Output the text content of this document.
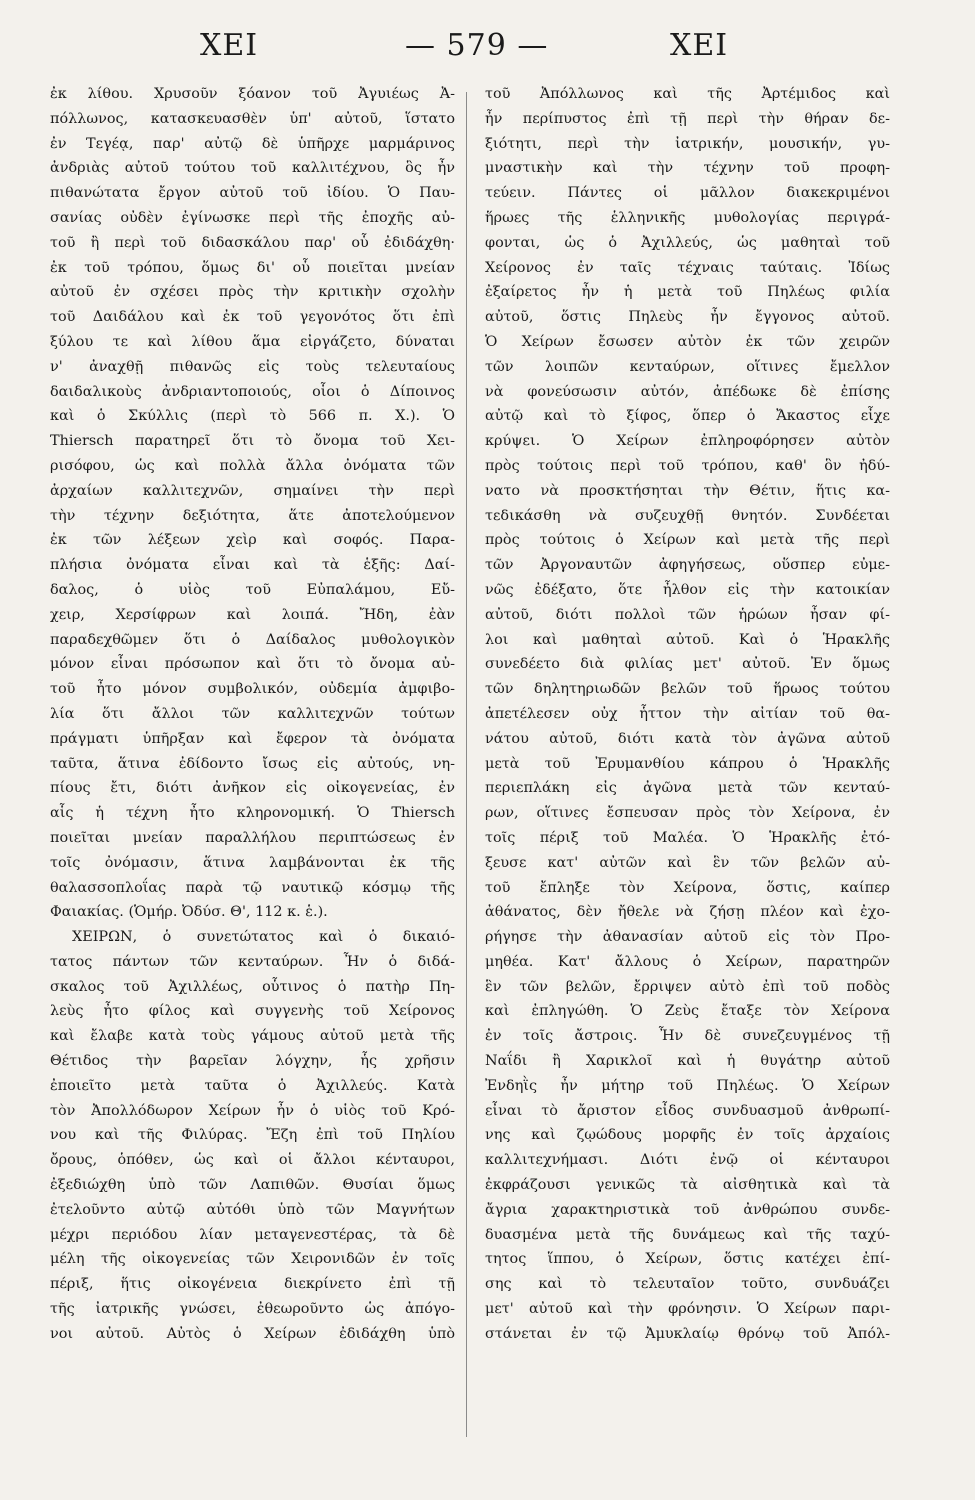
ΧΕΙ	— 579 —	ΧΕΙ
ἐκ λίθου. Χρυσοῦν ξόανον τοῦ Ἀγυιέως Ἀ-
πόλλωνος, κατασκευασθὲν ὑπ' αὐτοῦ, ἵστατο
ἐν Τεγέᾳ, παρ' αὐτῷ δὲ ὑπῆρχε μαρμάρινος
ἀνδριὰς αὐτοῦ τούτου τοῦ καλλιτέχνου, ὃς ἦν
πιθανώτατα ἔργον αὐτοῦ τοῦ ἰδίου. Ὁ Παυ-
σανίας οὐδὲν ἐγίνωσκε περὶ τῆς ἐποχῆς αὐ-
τοῦ ἢ περὶ τοῦ διδασκάλου παρ' οὗ ἐδιδάχθη·
ἐκ τοῦ τρόπου, ὅμως δι' οὗ ποιεῖται μνείαν
αὐτοῦ ἐν σχέσει πρὸς τὴν κριτικὴν σχολὴν
τοῦ Δαιδάλου καὶ ἐκ τοῦ γεγονότος ὅτι ἐπὶ
ξύλου τε καὶ λίθου ἅμα εἰργάζετο, δύναται
ν' ἀναχθῇ πιθανῶς εἰς τοὺς τελευταίους
δαιδαλικοὺς ἀνδριαντοποιούς, οἷοι ὁ Δίποινος
καὶ ὁ Σκύλλις (περὶ τὸ 566 π. Χ.). Ὁ
Thiersch παρατηρεῖ ὅτι τὸ ὄνομα τοῦ Χει-
ρισόφου, ὡς καὶ πολλὰ ἄλλα ὀνόματα τῶν
ἀρχαίων καλλιτεχνῶν, σημαίνει τὴν περὶ
τὴν τέχνην δεξιότητα, ἅτε ἀποτελούμενον
ἐκ τῶν λέξεων χεὶρ καὶ σοφός. Παρα-
πλήσια ὀνόματα εἶναι καὶ τὰ ἑξῆς: Δαί-
δαλος, ὁ υἱὸς τοῦ Εὐπαλάμου, Εὔ-
χειρ, Χερσίφρων καὶ λοιπά. Ἤδη, ἐὰν
παραδεχθῶμεν ὅτι ὁ Δαίδαλος μυθολογικὸν
μόνον εἶναι πρόσωπον καὶ ὅτι τὸ ὄνομα αὐ-
τοῦ ἦτο μόνον συμβολικόν, οὐδεμία ἀμφιβο-
λία ὅτι ἄλλοι τῶν καλλιτεχνῶν τούτων
πράγματι ὑπῆρξαν καὶ ἔφερον τὰ ὀνόματα
ταῦτα, ἅτινα ἐδίδοντο ἴσως εἰς αὐτούς, νη-
πίους ἔτι, διότι ἀνῆκον εἰς οἰκογενείας, ἐν
αἷς ἡ τέχνη ἦτο κληρονομική. Ὁ Thiersch
ποιεῖται μνείαν παραλλήλου περιπτώσεως ἐν
τοῖς ὀνόμασιν, ἅτινα λαμβάνονται ἐκ τῆς
θαλασσοπλοΐας παρὰ τῷ ναυτικῷ κόσμῳ τῆς
Φαιακίας. (Ὁμήρ. Ὀδύσ. Θ', 112 κ. ἑ.).
ΧΕΙΡΩΝ, ὁ συνετώτατος καὶ ὁ δικαιό-
τατος πάντων τῶν κενταύρων. Ἦν ὁ διδά-
σκαλος τοῦ Ἀχιλλέως, οὗτινος ὁ πατὴρ Πη-
λεὺς ἦτο φίλος καὶ συγγενὴς τοῦ Χείρονος
καὶ ἔλαβε κατὰ τοὺς γάμους αὐτοῦ μετὰ τῆς
Θέτιδος τὴν βαρεῖαν λόγχην, ἧς χρῆσιν
ἐποιεῖτο μετὰ ταῦτα ὁ Ἀχιλλεύς. Κατὰ
τὸν Ἀπολλόδωρον Χείρων ἦν ὁ υἱὸς τοῦ Κρό-
νου καὶ τῆς Φιλύρας. Ἔζη ἐπὶ τοῦ Πηλίου
ὄρους, ὁπόθεν, ὡς καὶ οἱ ἄλλοι κένταυροι,
ἐξεδιώχθη ὑπὸ τῶν Λαπιθῶν. Θυσίαι ὅμως
ἐτελοῦντο αὐτῷ αὐτόθι ὑπὸ τῶν Μαγνήτων
μέχρι περιόδου λίαν μεταγενεστέρας, τὰ δὲ
μέλη τῆς οἰκογενείας τῶν Χειρονιδῶν ἐν τοῖς
πέριξ, ἥτις οἰκογένεια διεκρίνετο ἐπὶ τῇ
τῆς ἰατρικῆς γνώσει, ἐθεωροῦντο ὡς ἀπόγο-
νοι αὐτοῦ. Αὐτὸς ὁ Χείρων ἐδιδάχθη ὑπὸ
τοῦ Ἀπόλλωνος καὶ τῆς Ἀρτέμιδος καὶ
ἦν περίπυστος ἐπὶ τῇ περὶ τὴν θήραν δε-
ξιότητι, περὶ τὴν ἰατρικήν, μουσικήν, γυ-
μναστικὴν καὶ τὴν τέχνην τοῦ προφη-
τεύειν. Πάντες οἱ μᾶλλον διακεκριμένοι
ἥρωες τῆς ἑλληνικῆς μυθολογίας περιγρά-
φονται, ὡς ὁ Ἀχιλλεύς, ὡς μαθηταὶ τοῦ
Χείρονος ἐν ταῖς τέχναις ταύταις. Ἰδίως
ἐξαίρετος ἦν ἡ μετὰ τοῦ Πηλέως φιλία
αὐτοῦ, ὅστις Πηλεὺς ἦν ἔγγονος αὐτοῦ.
Ὁ Χείρων ἔσωσεν αὐτὸν ἐκ τῶν χειρῶν
τῶν λοιπῶν κενταύρων, οἵτινες ἔμελλον
νὰ φονεύσωσιν αὐτόν, ἀπέδωκε δὲ ἐπίσης
αὐτῷ καὶ τὸ ξίφος, ὅπερ ὁ Ἄκαστος εἶχε
κρύψει. Ὁ Χείρων ἐπληροφόρησεν αὐτὸν
πρὸς τούτοις περὶ τοῦ τρόπου, καθ' ὃν ἠδύ-
νατο νὰ προσκτήσηται τὴν Θέτιν, ἥτις κα-
τεδικάσθη νὰ συζευχθῇ θνητόν. Συνδέεται
πρὸς τούτοις ὁ Χείρων καὶ μετὰ τῆς περὶ
τῶν Ἀργοναυτῶν ἀφηγήσεως, οὕσπερ εὐμε-
νῶς ἐδέξατο, ὅτε ἦλθον εἰς τὴν κατοικίαν
αὐτοῦ, διότι πολλοὶ τῶν ἡρώων ἦσαν φί-
λοι καὶ μαθηταὶ αὐτοῦ. Καὶ ὁ Ἡρακλῆς
συνεδέετο διὰ φιλίας μετ' αὐτοῦ. Ἐν ὅμως
τῶν δηλητηριωδῶν βελῶν τοῦ ἥρωος τούτου
ἀπετέλεσεν οὐχ ἧττον τὴν αἰτίαν τοῦ θα-
νάτου αὐτοῦ, διότι κατὰ τὸν ἀγῶνα αὐτοῦ
μετὰ τοῦ Ἐρυμανθίου κάπρου ὁ Ἡρακλῆς
περιεπλάκη εἰς ἀγῶνα μετὰ τῶν κενταύ-
ρων, οἵτινες ἔσπευσαν πρὸς τὸν Χείρονα, ἐν
τοῖς πέριξ τοῦ Μαλέα. Ὁ Ἡρακλῆς ἐτό-
ξευσε κατ' αὐτῶν καὶ ἓν τῶν βελῶν αὐ-
τοῦ ἔπληξε τὸν Χείρονα, ὅστις, καίπερ
ἀθάνατος, δὲν ἤθελε νὰ ζήσῃ πλέον καὶ ἐχο-
ρήγησε τὴν ἀθανασίαν αὐτοῦ εἰς τὸν Προ-
μηθέα. Κατ' ἄλλους ὁ Χείρων, παρατηρῶν
ἓν τῶν βελῶν, ἔρριψεν αὐτὸ ἐπὶ τοῦ ποδὸς
καὶ ἐπληγώθη. Ὁ Ζεὺς ἔταξε τὸν Χείρονα
ἐν τοῖς ἄστροις. Ἦν δὲ συνεζευγμένος τῇ
Ναΐδι ἢ Χαρικλοῖ καὶ ἡ θυγάτηρ αὐτοῦ
Ἐνδηῒς ἦν μήτηρ τοῦ Πηλέως. Ὁ Χείρων
εἶναι τὸ ἄριστον εἶδος συνδυασμοῦ ἀνθρωπί-
νης καὶ ζῳώδους μορφῆς ἐν τοῖς ἀρχαίοις
καλλιτεχνήμασι. Διότι ἐνῷ οἱ κένταυροι
ἐκφράζουσι γενικῶς τὰ αἰσθητικὰ καὶ τὰ
ἄγρια χαρακτηριστικὰ τοῦ ἀνθρώπου συνδε-
δυασμένα μετὰ τῆς δυνάμεως καὶ τῆς ταχύ-
τητος ἵππου, ὁ Χείρων, ὅστις κατέχει ἐπί-
σης καὶ τὸ τελευταῖον τοῦτο, συνδυάζει
μετ' αὐτοῦ καὶ τὴν φρόνησιν. Ὁ Χείρων παρι-
στάνεται ἐν τῷ Ἀμυκλαίῳ θρόνῳ τοῦ Ἀπόλ-
